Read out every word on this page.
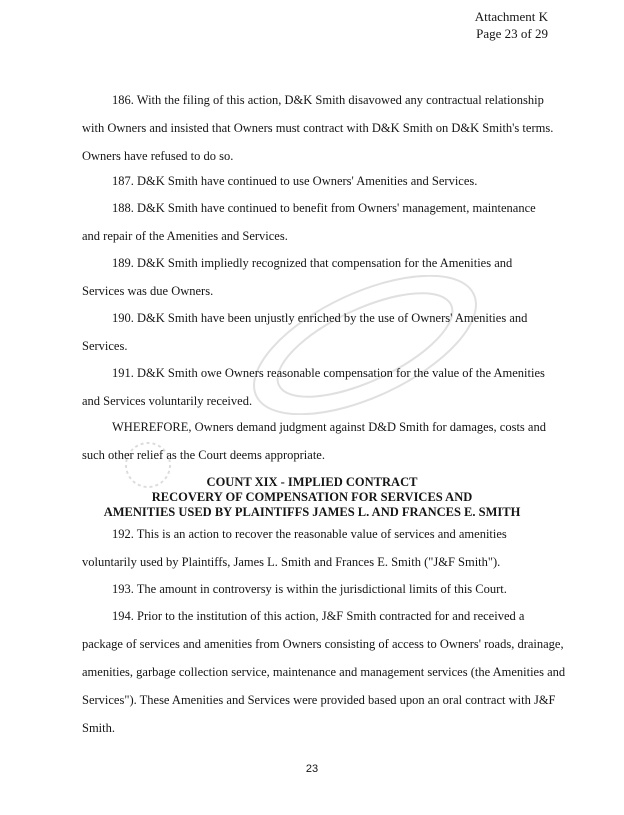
Attachment K
Page 23 of 29
186. With the filing of this action, D&K Smith disavowed any contractual relationship
with Owners and insisted that Owners must contract with D&K Smith on D&K Smith's terms.
Owners have refused to do so.
187. D&K Smith have continued to use Owners' Amenities and Services.
188. D&K Smith have continued to benefit from Owners' management, maintenance
and repair of the Amenities and Services.
189. D&K Smith impliedly recognized that compensation for the Amenities and
Services was due Owners.
190. D&K Smith have been unjustly enriched by the use of Owners' Amenities and
Services.
191. D&K Smith owe Owners reasonable compensation for the value of the Amenities
and Services voluntarily received.
WHEREFORE, Owners demand judgment against D&D Smith for damages, costs and
such other relief as the Court deems appropriate.
COUNT XIX - IMPLIED CONTRACT
RECOVERY OF COMPENSATION FOR SERVICES AND
AMENITIES USED BY PLAINTIFFS JAMES L. AND FRANCES E. SMITH
192. This is an action to recover the reasonable value of services and amenities
voluntarily used by Plaintiffs, James L. Smith and Frances E. Smith ("J&F Smith").
193. The amount in controversy is within the jurisdictional limits of this Court.
194. Prior to the institution of this action, J&F Smith contracted for and received a
package of services and amenities from Owners consisting of access to Owners' roads, drainage,
amenities, garbage collection service, maintenance and management services (the Amenities and
Services"). These Amenities and Services were provided based upon an oral contract with J&F
Smith.
23
